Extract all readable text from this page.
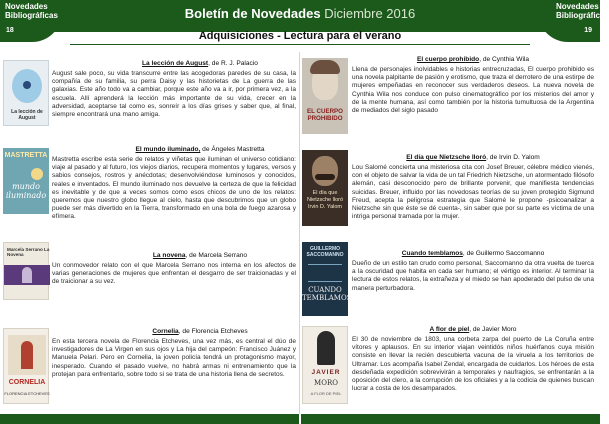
Boletín de Novedades Diciembre 2016
Novedades
Bibliográficas
Novedades
Bibliográficas
18	19
Adquisiciones - Lectura para el verano
La lección de August
La lección de August, de R. J. Palacio
August sale poco, su vida transcurre entre las acogedoras paredes de su casa, la compañía de su familia, su perra Daisy y las historietas de La guerra de las galaxias. Este año todo va a cambiar, porque este año va a ir, por primera vez, a la escuela. Allí aprenderá la lección más importante de su vida, crecer en la adversidad, aceptarse tal como es, sonreír a los días grises y saber que, al final, siempre encontrará una mano amiga.
MASTRETTA
mundo iluminado
El mundo iluminado, de Ángeles Mastretta
Mastretta escribe esta serie de relatos y viñetas que iluminan el universo cotidiano: viaje al pasado y al futuro, los viejos diarios, recupera momentos y lugares, versos y sabios consejos, rostros y anécdotas; desenvolviéndose luminosos y conocidos, reales e inventados. El mundo iluminado nos devuelve la certeza de que la felicidad es inevitable y de que a veces somos como esos chicos de uno de los relatos: queremos que nuestro globo llegue al cielo, hasta que descubrimos que un globo puede ser más divertido en la Tierra, transformado en una bola de fuego azarosa y efímera.
Marcela Serrano La Novena	La novena, de Marcela Serrano
Un conmovedor relato con el que Marcela Serrano nos interna en los afectos de varias generaciones de mujeres que enfrentan el desgarro de ser traicionadas y el de traicionar a su vez.
CORNELIA
FLORENCIA ETCHEVES
Cornelia, de Florencia Etcheves
En esta tercera novela de Florencia Etcheves, una vez más, es central el dúo de investigadores de La Virgen en sus ojos y La hija del campeón: Francisco Juánez y Manuela Pelari. Pero en Cornelia, la joven policía tendrá un protagonismo mayor, inesperado. Cuando el pasado vuelve, no habrá armas ni entrenamiento que la protejan para enfrentarlo, sobre todo si se trata de una historia llena de secretos.
EL CUERPO PROHIBIDO
El cuerpo prohibido, de Cynthia Wila
Llena de personajes inolvidables e historias entrecruzadas, El cuerpo prohibido es una novela palpitante de pasión y erotismo, que traza el derrotero de una estirpe de mujeres empeñadas en reconocer sus verdaderos deseos. La nueva novela de Cynthia Wila nos conduce con pulso cinematográfico por los misterios del amor y de la mente humana, así como también por la historia tumultuosa de la Argentina de mediados del siglo pasado
El día que Nietzsche lloró Irvin D. Yalom
El día que Nietzsche lloró, de Irvin D. Yalom
Lou Salomé concierta una misteriosa cita con Josef Breuer, célebre médico vienés, con el objeto de salvar la vida de un tal Friedrich Nietzsche, un atormentado filósofo alemán, casi desconocido pero de brillante porvenir, que manifiesta tendencias suicidas. Breuer, influido por las novedosas teorías de su joven protegido Sigmund Freud, acepta la peligrosa estrategia que Salomé le propone -psicoanalizar a Nietzsche sin que éste se dé cuenta-, sin saber que por su parte es víctima de una intriga personal tramada por la mujer.
GUILLERMO SACCOMANNO
CUANDO TEMBLAMOS
Cuando temblamos, de Guillermo Saccomanno
Dueño de un estilo tan crudo como personal, Saccomanno da otra vuelta de tuerca a la oscuridad que habita en cada ser humano; el vértigo es interior. Al terminar la lectura de estos relatos, la extrañeza y el miedo se han apoderado del pulso de una manera perturbadora.
JAVIER
MORO
A FLOR DE PIEL
A flor de piel, de Javier Moro
El 30 de noviembre de 1803, una corbeta zarpa del puerto de La Coruña entre vítores y aplausos. En su interior viajan veintidós niños huérfanos cuya misión consiste en llevar la recién descubierta vacuna de la viruela a los territorios de Ultramar. Los acompaña Isabel Zendal, encargada de cuidarlos. Los héroes de esta desdeñada expedición sobrevivirán a temporales y naufragios, se enfrentarán a la oposición del clero, a la corrupción de los oficiales y a la codicia de quienes buscan lucrar a costa de los desamparados.
